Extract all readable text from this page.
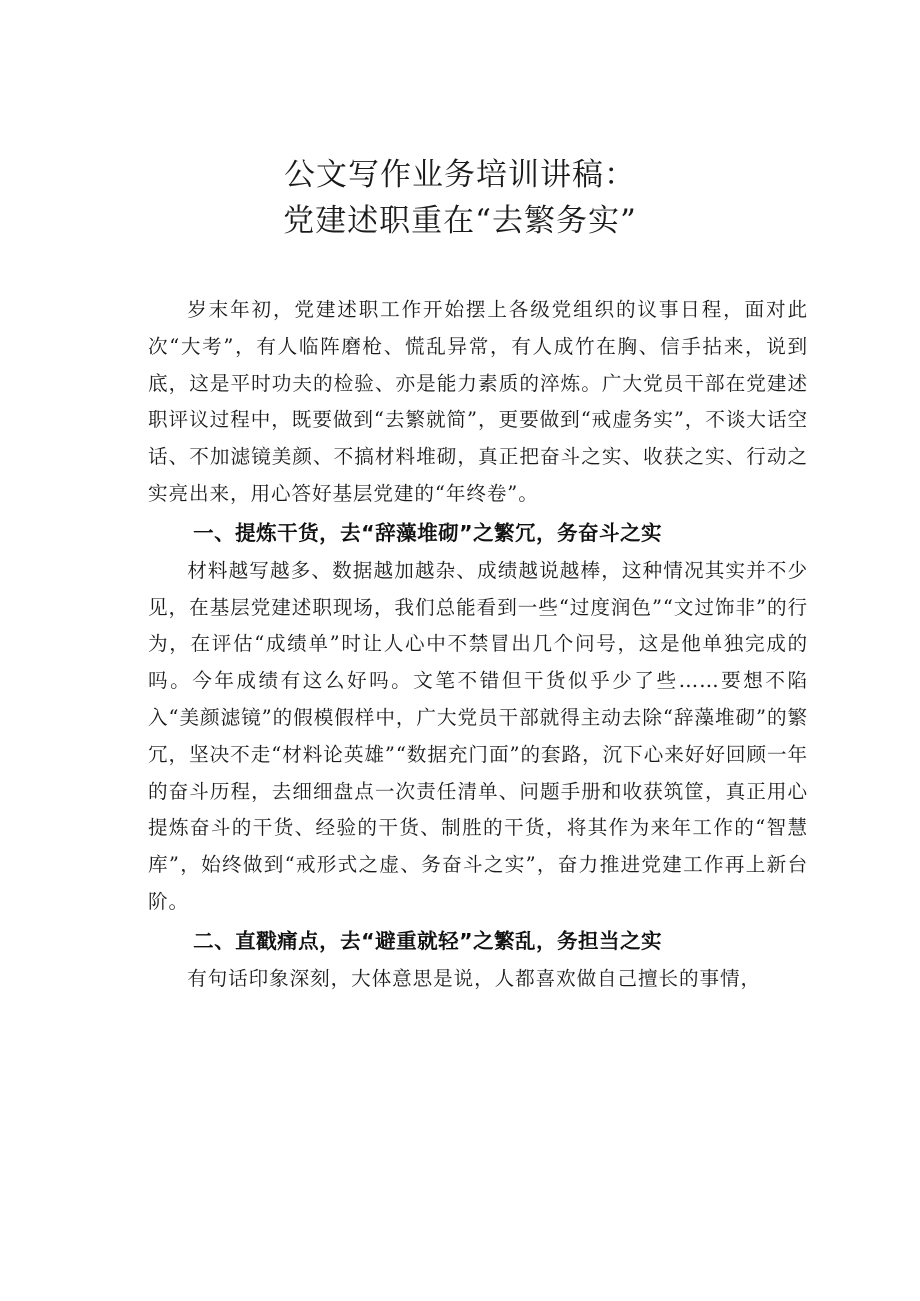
公文写作业务培训讲稿：
党建述职重在“去繁务实”

岁末年初，党建述职工作开始摆上各级党组织的议事日程，面对此次“大考”，有人临阵磨枪、慌乱异常，有人成竹在胸、信手拈来，说到底，这是平时功夫的检验、亦是能力素质的淬炼。广大党员干部在党建述职评议过程中，既要做到“去繁就简”，更要做到“戒虚务实”，不谈大话空话、不加滤镜美颜、不搞材料堆砌，真正把奋斗之实、收获之实、行动之实亮出来，用心答好基层党建的“年终卷”。

一、提炼干货，去“辞藻堆砌”之繁冗，务奋斗之实

材料越写越多、数据越加越杂、成绩越说越棒，这种情况其实并不少见，在基层党建述职现场，我们总能看到一些“过度润色”“文过饰非”的行为，在评估“成绩单”时让人心中不禁冒出几个问号，这是他单独完成的吗。今年成绩有这么好吗。文笔不错但干货似乎少了些……要想不陷入“美颜滤镜”的假模假样中，广大党员干部就得主动去除“辞藻堆砌”的繁冗，坚决不走“材料论英雄”“数据充门面”的套路，沉下心来好好回顾一年的奋斗历程，去细细盘点一次责任清单、问题手册和收获筑筐，真正用心提炼奋斗的干货、经验的干货、制胜的干货，将其作为来年工作的“智慧库”，始终做到“戒形式之虚、务奋斗之实”，奋力推进党建工作再上新台阶。

二、直戳痛点，去“避重就轻”之繁乱，务担当之实

有句话印象深刻，大体意思是说，人都喜欢做自己擅长的事情，
